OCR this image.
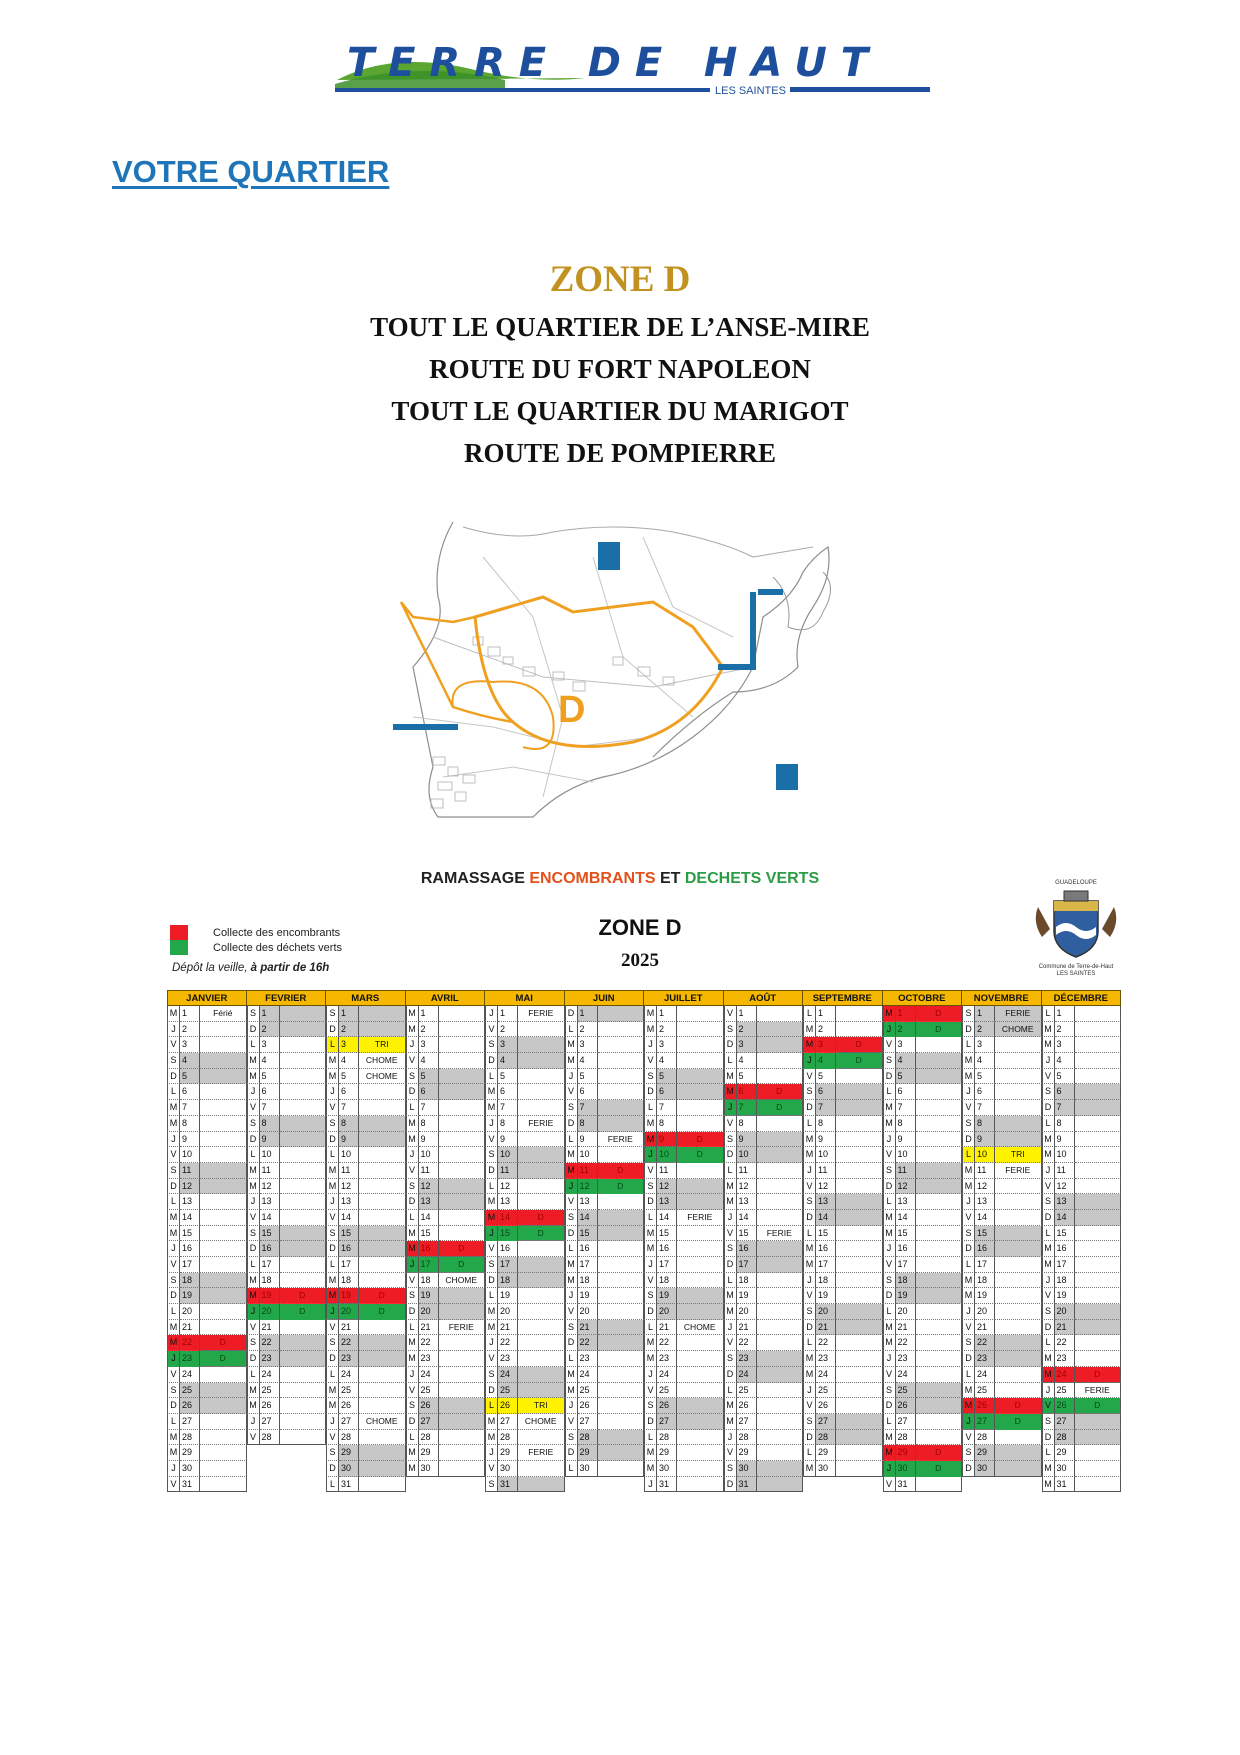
TERRE DE HAUT
LES SAINTES
VOTRE QUARTIER
ZONE D
TOUT LE QUARTIER DE L’ANSE-MIRE
ROUTE DU FORT NAPOLEON
TOUT LE QUARTIER DU MARIGOT
ROUTE DE POMPIERRE
D
RAMASSAGE ENCOMBRANTS ET DECHETS VERTS
Collecte des encombrants
Collecte des déchets verts
Dépôt la veille, à partir de 16h
ZONE D
2025
GUADELOUPE
Commune de Terre-de-Haut
LES SAINTES
JANVIER
M 1	Férié
J 2
V 3
S 4
D 5
L 6
M 7
M 8
J 9
V 10
S 11
D 12
L 13
M 14
M 15
J 16
V 17
S 18
D 19
L 20
M 21
M 22	D
J 23	D
V 24
S 25
D 26
L 27
M 28
M 29
J 30
V 31
FEVRIER
S 1
D 2
L 3
M 4
M 5
J 6
V 7
S 8
D 9
L 10
M 11
M 12
J 13
V 14
S 15
D 16
L 17
M 18
M 19	D
J 20	D
V 21
S 22
D 23
L 24
M 25
M 26
J 27
V 28
MARS
S 1
D 2
L 3	TRI
M 4	CHOME
M 5	CHOME
J 6
V 7
S 8
D 9
L 10
M 11
M 12
J 13
V 14
S 15
D 16
L 17
M 18
M 19	D
J 20	D
V 21
S 22
D 23
L 24
M 25
M 26
J 27	CHOME
V 28
S 29
D 30
L 31
AVRIL
M 1
M 2
J 3
V 4
S 5
D 6
L 7
M 8
M 9
J 10
V 11
S 12
D 13
L 14
M 15
M 16	D
J 17	D
V 18	CHOME
S 19
D 20
L 21	FERIE
M 22
M 23
J 24
V 25
S 26
D 27
L 28
M 29
M 30
MAI
J 1	FERIE
V 2
S 3
D 4
L 5
M 6
M 7
J 8	FERIE
V 9
S 10
D 11
L 12
M 13
M 14	D
J 15	D
V 16
S 17
D 18
L 19
M 20
M 21
J 22
V 23
S 24
D 25
L 26	TRI
M 27	CHOME
M 28
J 29	FERIE
V 30
S 31
JUIN
D 1
L 2
M 3
M 4
J 5
V 6
S 7
D 8
L 9	FERIE
M 10
M 11	D
J 12	D
V 13
S 14
D 15
L 16
M 17
M 18
J 19
V 20
S 21
D 22
L 23
M 24
M 25
J 26
V 27
S 28
D 29
L 30
JUILLET
M 1
M 2
J 3
V 4
S 5
D 6
L 7
M 8
M 9	D
J 10	D
V 11
S 12
D 13
L 14	FERIE
M 15
M 16
J 17
V 18
S 19
D 20
L 21	CHOME
M 22
M 23
J 24
V 25
S 26
D 27
L 28
M 29
M 30
J 31
AOÛT
V 1
S 2
D 3
L 4
M 5
M 6	D
J 7	D
V 8
S 9
D 10
L 11
M 12
M 13
J 14
V 15	FERIE
S 16
D 17
L 18
M 19
M 20
J 21
V 22
S 23
D 24
L 25
M 26
M 27
J 28
V 29
S 30
D 31
SEPTEMBRE
L 1
M 2
M 3	D
J 4	D
V 5
S 6
D 7
L 8
M 9
M 10
J 11
V 12
S 13
D 14
L 15
M 16
M 17
J 18
V 19
S 20
D 21
L 22
M 23
M 24
J 25
V 26
S 27
D 28
L 29
M 30
OCTOBRE
M 1	D
J 2	D
V 3
S 4
D 5
L 6
M 7
M 8
J 9
V 10
S 11
D 12
L 13
M 14
M 15
J 16
V 17
S 18
D 19
L 20
M 21
M 22
J 23
V 24
S 25
D 26
L 27
M 28
M 29	D
J 30	D
V 31
NOVEMBRE
S 1	FERIE
D 2	CHOME
L 3
M 4
M 5
J 6
V 7
S 8
D 9
L 10	TRI
M 11	FERIE
M 12
J 13
V 14
S 15
D 16
L 17
M 18
M 19
J 20
V 21
S 22
D 23
L 24
M 25
M 26	D
J 27	D
V 28
S 29
D 30
DÉCEMBRE
L 1
M 2
M 3
J 4
V 5
S 6
D 7
L 8
M 9
M 10
J 11
V 12
S 13
D 14
L 15
M 16
M 17
J 18
V 19
S 20
D 21
L 22
M 23
M 24	D
J 25	FERIE
V 26	D
S 27
D 28
L 29
M 30
M 31
